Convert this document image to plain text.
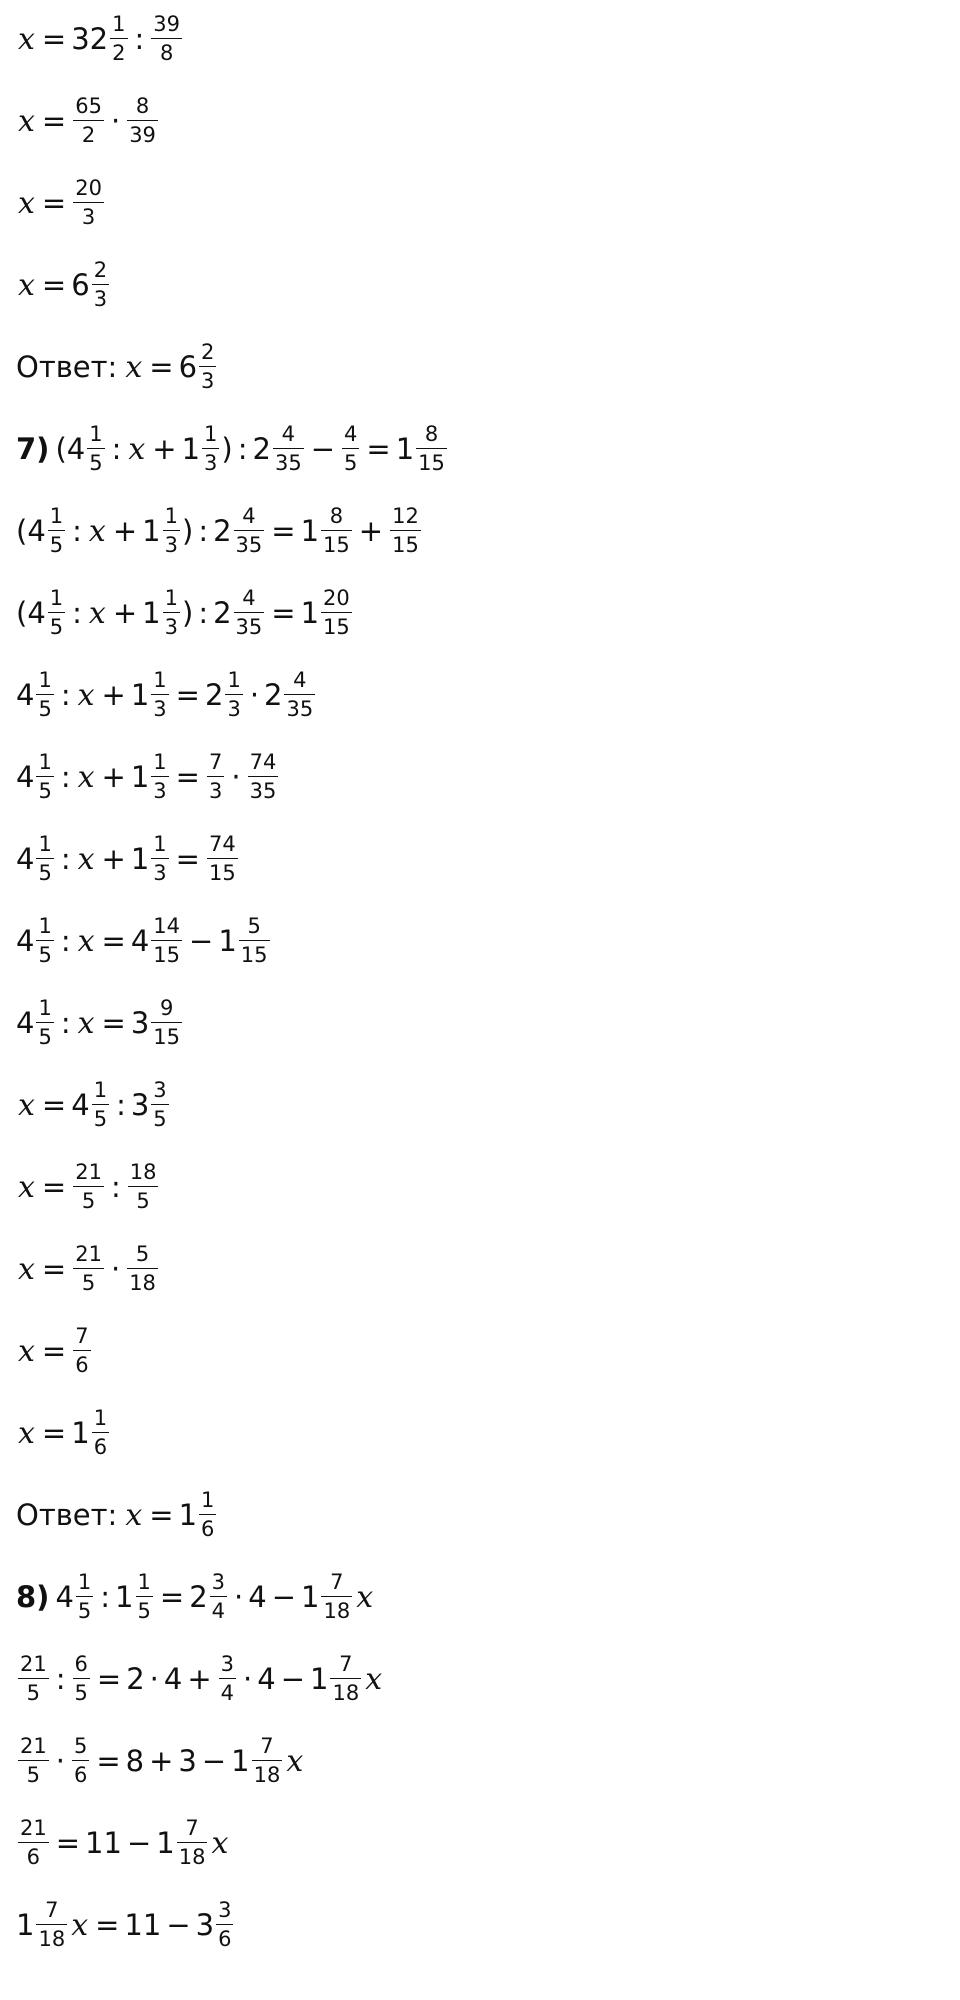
$x = 32 \frac{1}{2}$ : $\frac{39}{8}$
$x = \frac{65}{2} \cdot \frac{8}{39}$
$x = \frac{20}{3}$
$x = 6 \frac{2}{3}$
Ответ: $x = 6 \frac{2}{3}$
7) ($4 \frac{1}{5}$ : $x + 1 \frac{1}{3}$ ) : $2 \frac{4}{35} - \frac{4}{5} = 1 \frac{8}{15}$
($4 \frac{1}{5}$ : $x + 1 \frac{1}{3}$ ) : $2 \frac{4}{35} = 1 \frac{8}{15} + \frac{12}{15}$
($4 \frac{1}{5}$ : $x + 1 \frac{1}{3}$ ) : $2 \frac{4}{35} = 1 \frac{20}{15}$
$4 \frac{1}{5}$ : $x + 1 \frac{1}{3} = 2 \frac{1}{3} \cdot 2 \frac{4}{35}$
$4 \frac{1}{5}$ : $x + 1 \frac{1}{3} = \frac{7}{3} \cdot \frac{74}{35}$
$4 \frac{1}{5}$ : $x + 1 \frac{1}{3} = \frac{74}{15}$
$4 \frac{1}{5}$ : $x = 4 \frac{14}{15} - 1 \frac{5}{15}$
$4 \frac{1}{5}$ : $x = 3 \frac{9}{15}$
$x = 4 \frac{1}{5}$ : $3 \frac{3}{5}$
$x = \frac{21}{5}$ : $\frac{18}{5}$
$x = \frac{21}{5} \cdot \frac{5}{18}$
$x = \frac{7}{6}$
$x = 1 \frac{1}{6}$
Ответ: $x = 1 \frac{1}{6}$
8) $4 \frac{1}{5}$ : $1 \frac{1}{5} = 2 \frac{3}{4} \cdot 4 - 1 \frac{7}{18}$ x
$\frac{21}{5}$ : $\frac{6}{5} = 2 \cdot 4 + \frac{3}{4} \cdot 4 - 1 \frac{7}{18}$ x
$\frac{21}{5} \cdot \frac{5}{6} = 8 + 3 - 1 \frac{7}{18}$ x
$\frac{21}{6} = 11 - 1 \frac{7}{18}$ x
$1 \frac{7}{18}$ $x = 11 - 3 \frac{3}{6}$
